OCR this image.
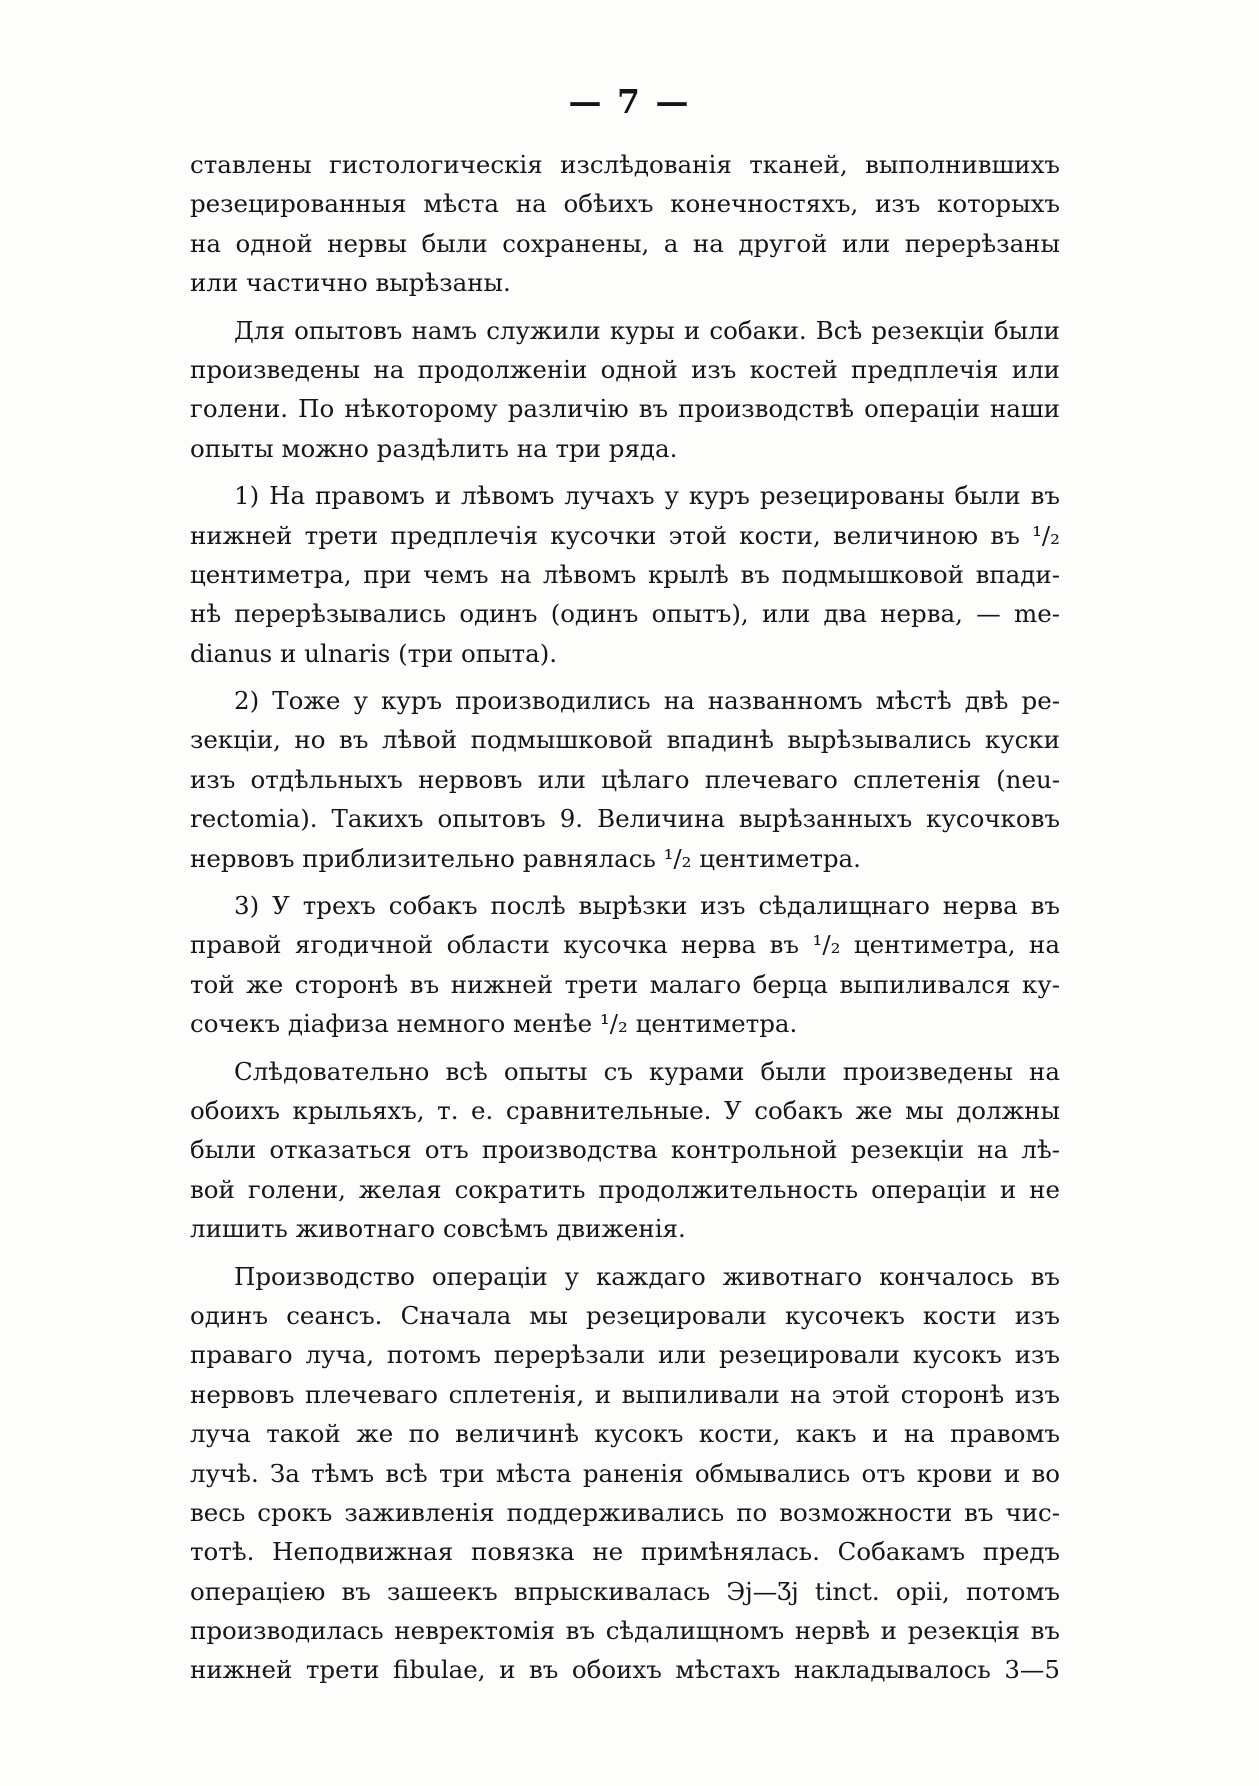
— 7 —
ставлены гистологическія изслѣдованія тканей, выполнившихъ
резецированныя мѣста на обѣихъ конечностяхъ, изъ которыхъ
на одной нервы были сохранены, а на другой или перерѣзаны
или частично вырѣзаны.
Для опытовъ намъ служили куры и собаки. Всѣ резекціи были
произведены на продолженіи одной изъ костей предплечія или
голени. По нѣкоторому различію въ производствѣ операціи наши
опыты можно раздѣлить на три ряда.
1) На правомъ и лѣвомъ лучахъ у куръ резецированы были въ
нижней трети предплечія кусочки этой кости, величиною въ ¹/₂
центиметра, при чемъ на лѣвомъ крылѣ въ подмышковой впади-
нѣ перерѣзывались одинъ (одинъ опытъ), или два нерва, — me-
dianus и ulnaris (три опыта).
2) Тоже у куръ производились на названномъ мѣстѣ двѣ ре-
зекціи, но въ лѣвой подмышковой впадинѣ вырѣзывались куски
изъ отдѣльныхъ нервовъ или цѣлаго плечеваго сплетенія (neu-
rectomia). Такихъ опытовъ 9. Величина вырѣзанныхъ кусочковъ
нервовъ приблизительно равнялась ¹/₂ центиметра.
3) У трехъ собакъ послѣ вырѣзки изъ сѣдалищнаго нерва въ
правой ягодичной области кусочка нерва въ ¹/₂ центиметра, на
той же сторонѣ въ нижней трети малаго берца выпиливался ку-
сочекъ діафиза немного менѣе ¹/₂ центиметра.
Слѣдовательно всѣ опыты съ курами были произведены на
обоихъ крыльяхъ, т. е. сравнительные. У собакъ же мы должны
были отказаться отъ производства контрольной резекціи на лѣ-
вой голени, желая сократить продолжительность операціи и не
лишить животнаго совсѣмъ движенія.
Производство операціи у каждаго животнаго кончалось въ
одинъ сеансъ. Сначала мы резецировали кусочекъ кости изъ
праваго луча, потомъ перерѣзали или резецировали кусокъ изъ
нервовъ плечеваго сплетенія, и выпиливали на этой сторонѣ изъ
луча такой же по величинѣ кусокъ кости, какъ и на правомъ
лучѣ. За тѣмъ всѣ три мѣста раненія обмывались отъ крови и во
весь срокъ заживленія поддерживались по возможности въ чис-
тотѣ. Неподвижная повязка не примѣнялась. Собакамъ предъ
операціею въ зашеекъ впрыскивалась Эj—Ʒj tinct. opii, потомъ
производилась невректомія въ сѣдалищномъ нервѣ и резекція въ
нижней трети fibulae, и въ обоихъ мѣстахъ накладывалось 3—5
